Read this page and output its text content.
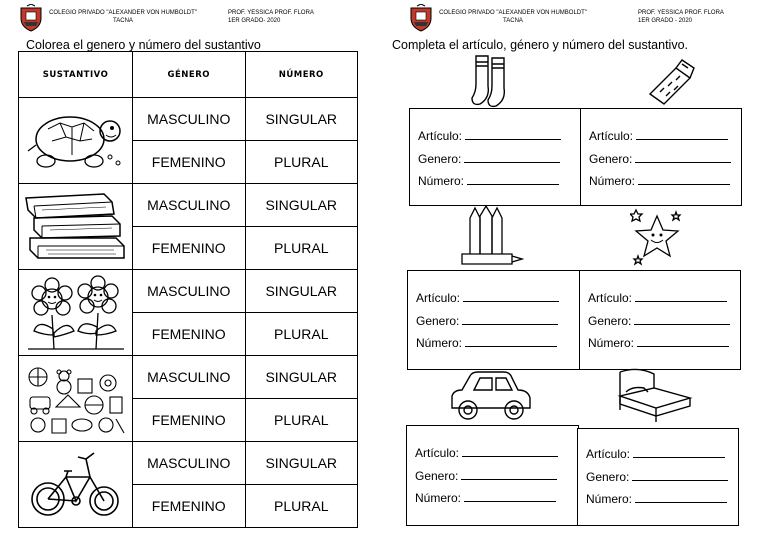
COLEGIO PRIVADO "ALEXANDER VON HUMBOLDT"
TACNA
PROF. YESSICA PROF. FLORA
1ER GRADO- 2020
Colorea el genero y número del sustantivo
SUSTANTIVO	GÉNERO	NÚMERO

	MASCULINO	SINGULAR
	FEMENINO	PLURAL

	MASCULINO	SINGULAR
	FEMENINO	PLURAL

	MASCULINO	SINGULAR
	FEMENINO	PLURAL

	MASCULINO	SINGULAR
	FEMENINO	PLURAL

	MASCULINO	SINGULAR
	FEMENINO	PLURAL
COLEGIO PRIVADO "ALEXANDER VON HUMBOLDT"
TACNA
PROF. YESSICA PROF. FLORA
1ER GRADO - 2020
Completa el artículo, género y número del sustantivo.
Artículo:
Genero:
Número:
Artículo:
Genero:
Número:
Artículo:
Genero:
Número:
Artículo:
Genero:
Número:
Artículo:
Genero:
Número:
Artículo:
Genero:
Número:
